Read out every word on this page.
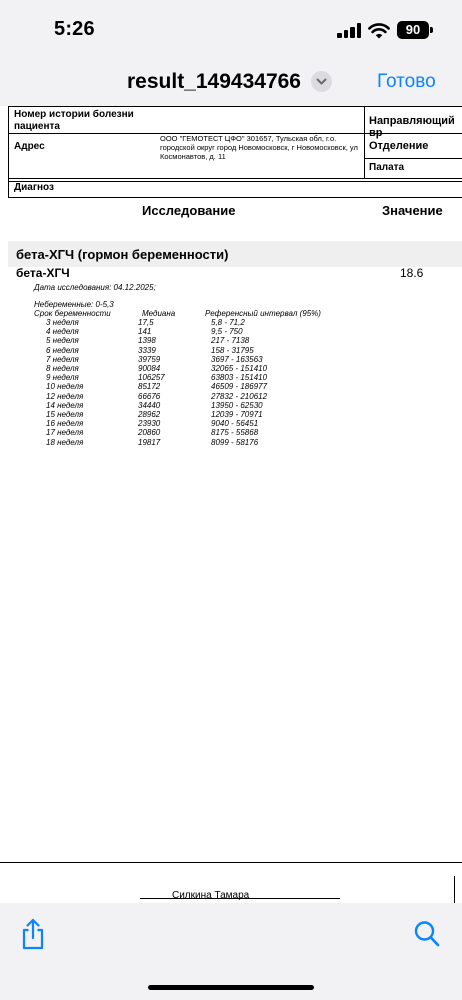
5:26	90
result_149434766	Готово
Номер истории болезни
пациента	Направляющий вр
Адрес
ООО "ГЕМОТЕСТ ЦФО" 301657, Тульская обл, г.о.
городской округ город Новомосковск, г Новомосковск, ул
Космонавтов, д. 11
Отделение
Палата
Диагноз
Исследование	Значение
бета-ХГЧ (гормон беременности)
бета-ХГЧ	18.6
Дата исследования: 04.12.2025;
Небеременные: 0-5,3
Срок беременности	Медиана	Референсный интервал (95%)
3 неделя	17,5	5,8 - 71,2
4 неделя	141	9,5 - 750
5 неделя	1398	217 - 7138
6 неделя	3339	158 - 31795
7 неделя	39759	3697 - 163563
8 неделя	90084	32065 - 151410
9 неделя	106257	63803 - 151410
10 неделя	85172	46509 - 186977
12 неделя	66676	27832 - 210612
14 неделя	34440	13950 - 62530
15 неделя	28962	12039 - 70971
16 неделя	23930	9040 - 56451
17 неделя	20860	8175 - 55868
18 неделя	19817	8099 - 58176
Силкина Тамара
